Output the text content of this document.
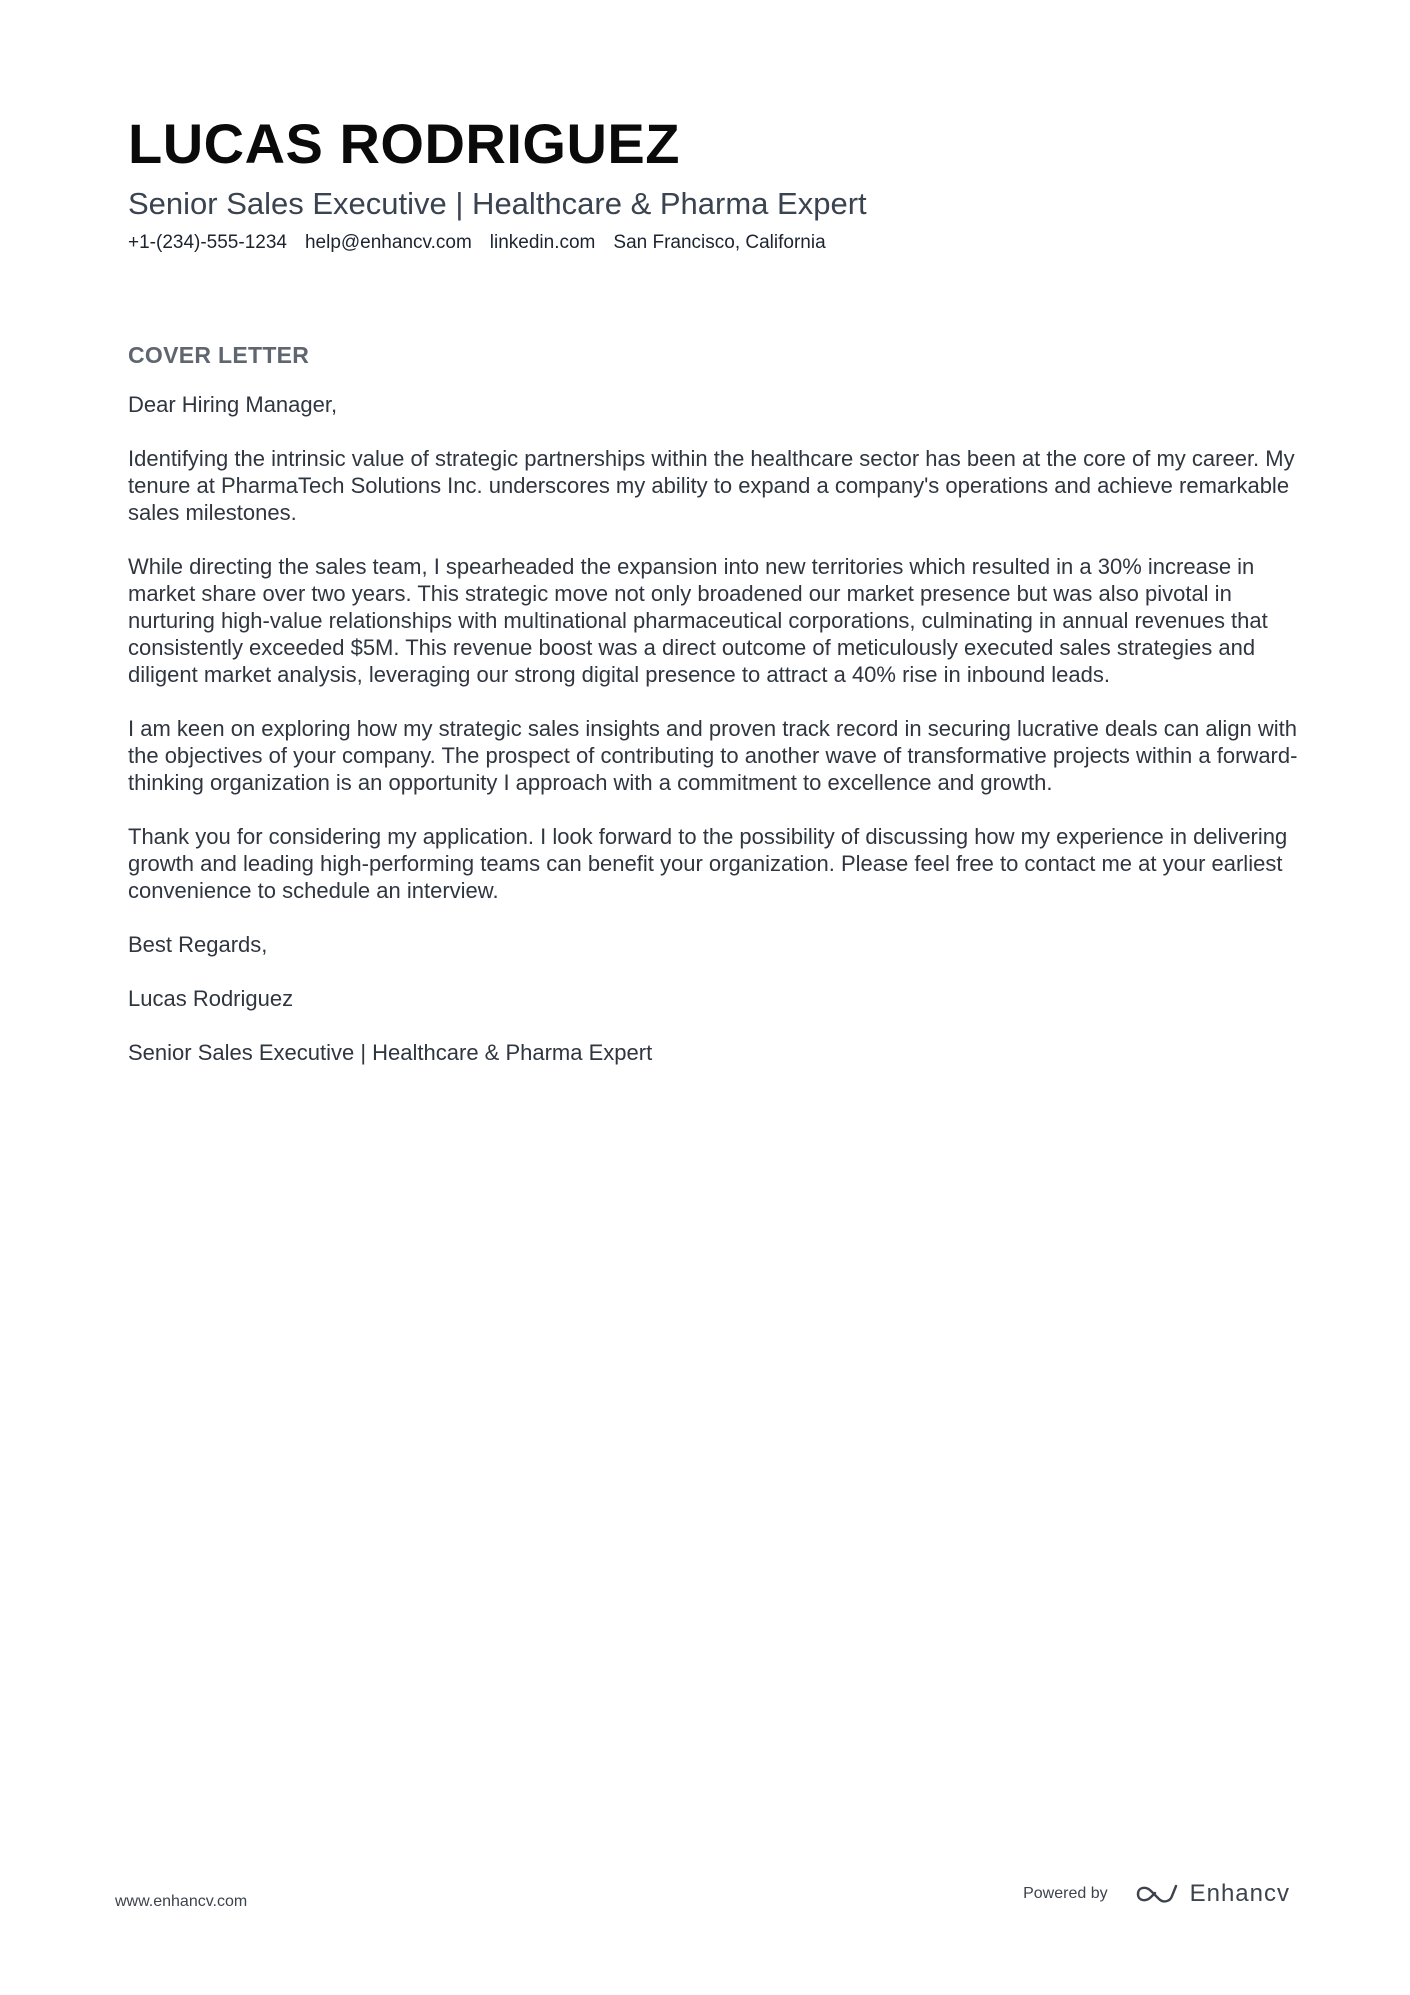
LUCAS RODRIGUEZ
Senior Sales Executive | Healthcare & Pharma Expert
+1-(234)-555-1234 help@enhancv.com linkedin.com San Francisco, California
COVER LETTER

Dear Hiring Manager,

Identifying the intrinsic value of strategic partnerships within the healthcare sector has been at the core of my career. My tenure at PharmaTech Solutions Inc. underscores my ability to expand a company's operations and achieve remarkable sales milestones.

While directing the sales team, I spearheaded the expansion into new territories which resulted in a 30% increase in market share over two years. This strategic move not only broadened our market presence but was also pivotal in nurturing high-value relationships with multinational pharmaceutical corporations, culminating in annual revenues that consistently exceeded $5M. This revenue boost was a direct outcome of meticulously executed sales strategies and diligent market analysis, leveraging our strong digital presence to attract a 40% rise in inbound leads.

I am keen on exploring how my strategic sales insights and proven track record in securing lucrative deals can align with the objectives of your company. The prospect of contributing to another wave of transformative projects within a forward-thinking organization is an opportunity I approach with a commitment to excellence and growth.

Thank you for considering my application. I look forward to the possibility of discussing how my experience in delivering growth and leading high-performing teams can benefit your organization. Please feel free to contact me at your earliest convenience to schedule an interview.

Best Regards,

Lucas Rodriguez

Senior Sales Executive | Healthcare & Pharma Expert

www.enhancv.com	Powered by	Enhancv
